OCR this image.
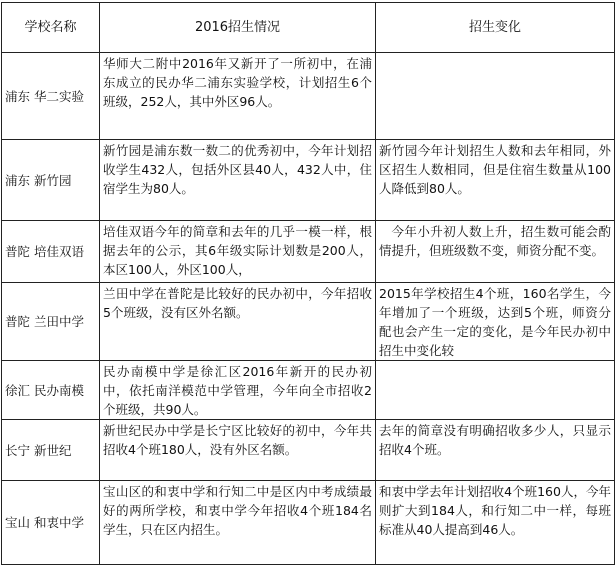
学校名称	2016招生情况	招生变化

浦东 华二实验	华师大二附中2016年又新开了一所初中，在浦东成立的民办华二浦东实验学校，计划招生6个班级，252人，其中外区96人。	

浦东 新竹园	新竹园是浦东数一数二的优秀初中，今年计划招收学生432人，包括外区县40人，432人中，住宿学生为80人。	新竹园今年计划招生人数和去年相同，外区招生人数相同，但是住宿生数量从100人降低到80人。

普陀 培佳双语	培佳双语今年的简章和去年的几乎一模一样，根据去年的公示，其6年级实际计划数是200人，本区100人，外区100人，	今年小升初人数上升，招生数可能会酌情提升，但班级数不变，师资分配不变。

普陀 兰田中学	兰田中学在普陀是比较好的民办初中，今年招收5个班级，没有区外名额。	2015年学校招生4个班，160名学生，今年增加了一个班级，达到5个班，师资分配也会产生一定的变化，是今年民办初中招生中变化较

徐汇 民办南模	民办南模中学是徐汇区2016年新开的民办初中，依托南洋模范中学管理，今年向全市招收2个班级，共90人。	

长宁 新世纪	新世纪民办中学是长宁区比较好的初中，今年共招收4个班180人，没有外区名额。	去年的简章没有明确招收多少人，只显示招收4个班。

宝山 和衷中学	宝山区的和衷中学和行知二中是区内中考成绩最好的两所学校，和衷中学今年招收4个班184名学生，只在区内招生。	和衷中学去年计划招收4个班160人，今年则扩大到184人，和行知二中一样，每班标准从40人提高到46人。
